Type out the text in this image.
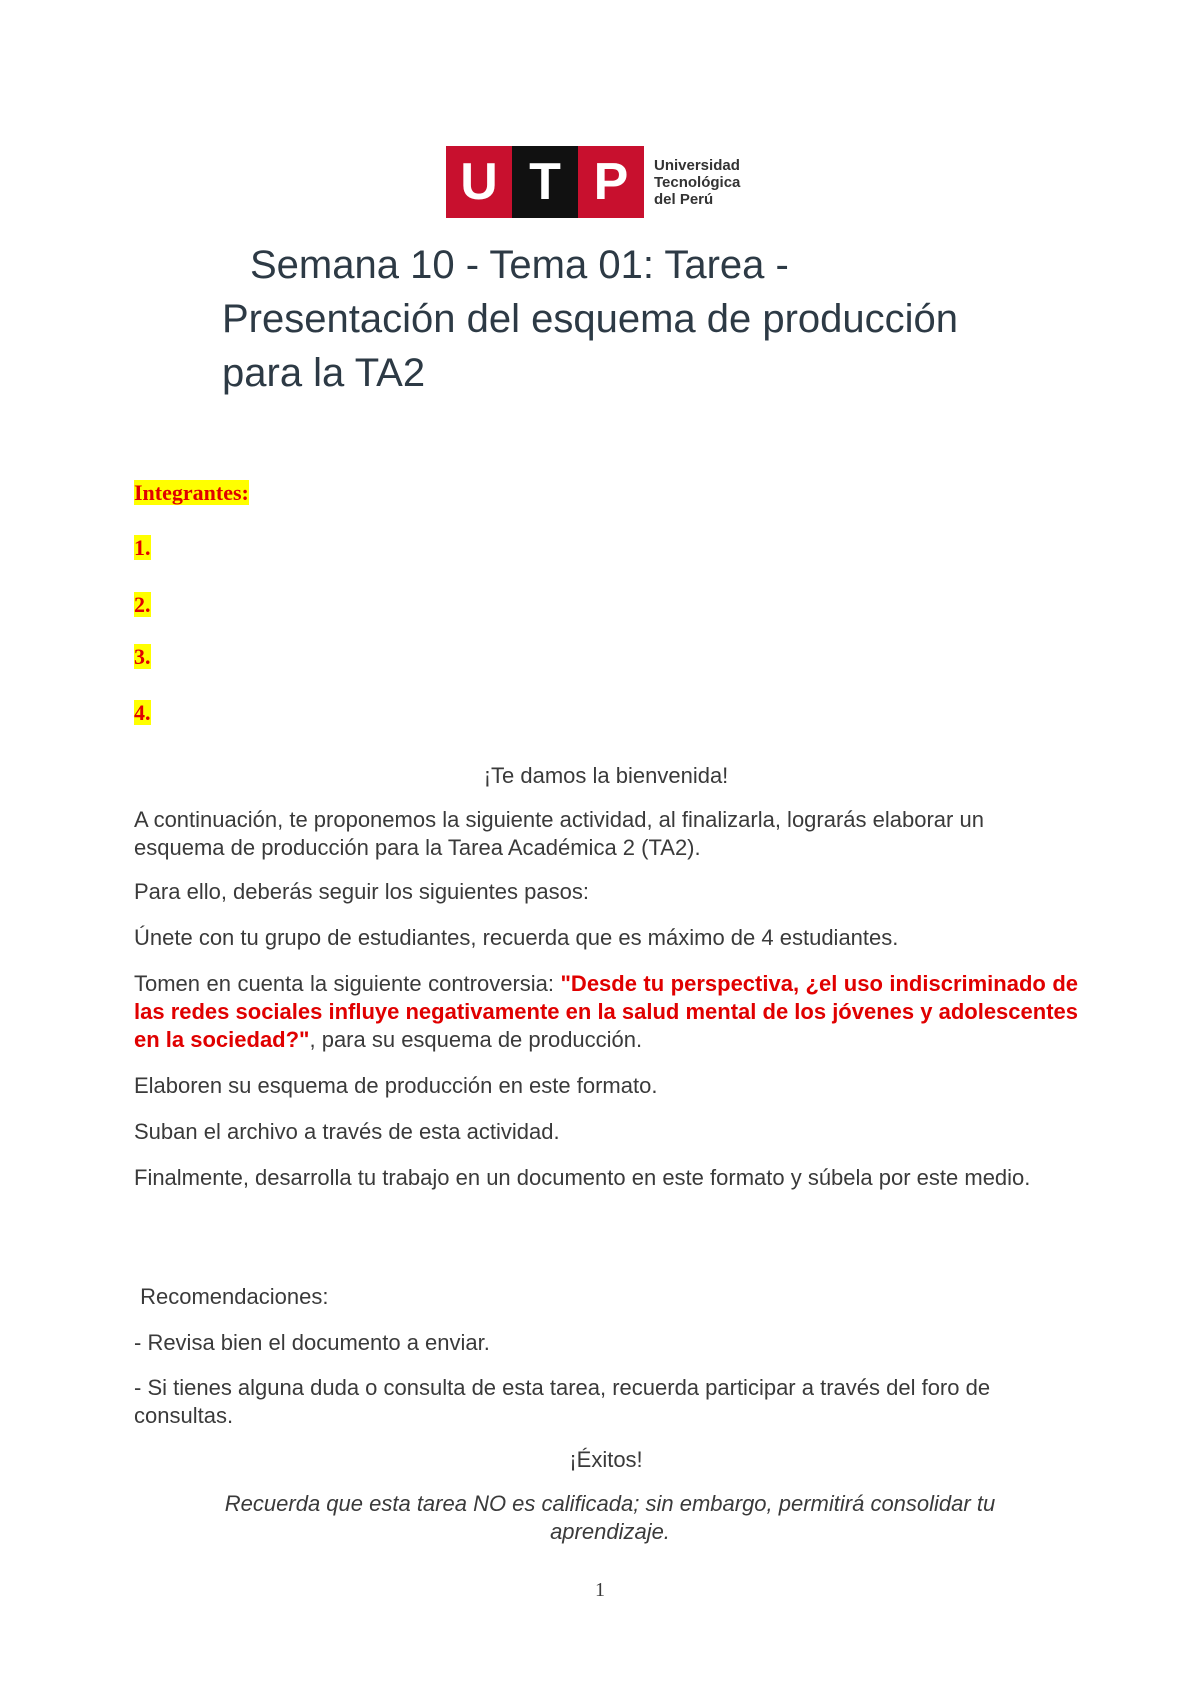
U T P	Universidad
Tecnológica
del Perú
Semana 10 - Tema 01: Tarea -
Presentación del esquema de producción
para la TA2
Integrantes:
1.
2.
3.
4.
¡Te damos la bienvenida!
A continuación, te proponemos la siguiente actividad, al finalizarla, lograrás elaborar un esquema de producción para la Tarea Académica 2 (TA2).
Para ello, deberás seguir los siguientes pasos:
Únete con tu grupo de estudiantes, recuerda que es máximo de 4 estudiantes.
Tomen en cuenta la siguiente controversia: "Desde tu perspectiva, ¿el uso indiscriminado de las redes sociales influye negativamente en la salud mental de los jóvenes y adolescentes en la sociedad?", para su esquema de producción.
Elaboren su esquema de producción en este formato.
Suban el archivo a través de esta actividad.
Finalmente, desarrolla tu trabajo en un documento en este formato y súbela por este medio.
Recomendaciones:
- Revisa bien el documento a enviar.
- Si tienes alguna duda o consulta de esta tarea, recuerda participar a través del foro de consultas.
¡Éxitos!
Recuerda que esta tarea NO es calificada; sin embargo, permitirá consolidar tu aprendizaje.
1
